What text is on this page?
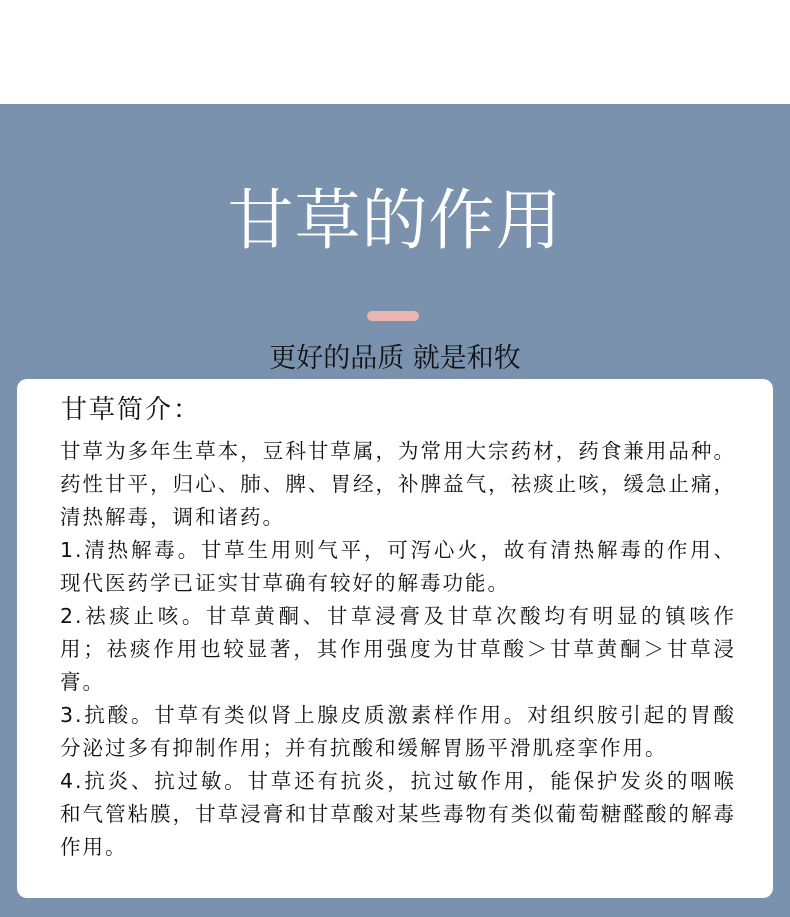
甘草的作用
更好的品质 就是和牧
甘草简介：

甘草为多年生草本，豆科甘草属，为常用大宗药材，药食兼用品种。药性甘平，归心、肺、脾、胃经，补脾益气，祛痰止咳，缓急止痛，清热解毒，调和诸药。

1.清热解毒。甘草生用则气平，可泻心火，故有清热解毒的作用、现代医药学已证实甘草确有较好的解毒功能。

2.祛痰止咳。甘草黄酮、甘草浸膏及甘草次酸均有明显的镇咳作用；祛痰作用也较显著，其作用强度为甘草酸＞甘草黄酮＞甘草浸膏。

3.抗酸。甘草有类似肾上腺皮质激素样作用。对组织胺引起的胃酸分泌过多有抑制作用；并有抗酸和缓解胃肠平滑肌痉挛作用。

4.抗炎、抗过敏。甘草还有抗炎，抗过敏作用，能保护发炎的咽喉和气管粘膜，甘草浸膏和甘草酸对某些毒物有类似葡萄糖醛酸的解毒作用。
